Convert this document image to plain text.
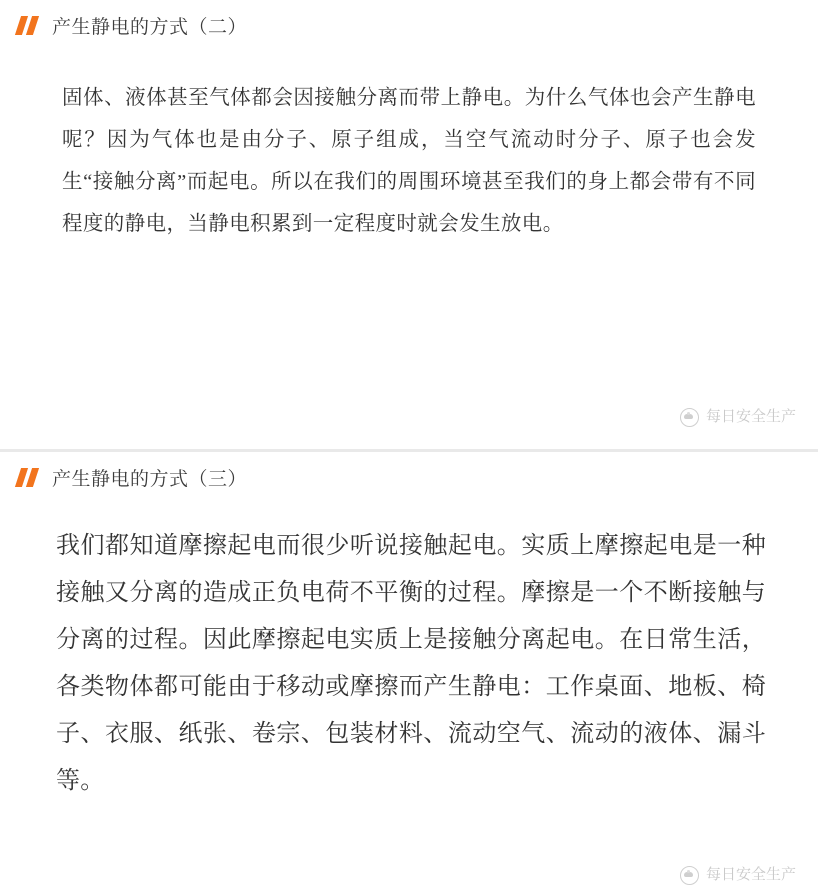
产生静电的方式（二）

固体、液体甚至气体都会因接触分离而带上静电。为什么气体也会产生静电呢？因为气体也是由分子、原子组成，当空气流动时分子、原子也会发生“接触分离”而起电。所以在我们的周围环境甚至我们的身上都会带有不同程度的静电，当静电积累到一定程度时就会发生放电。

每日安全生产
产生静电的方式（三）

我们都知道摩擦起电而很少听说接触起电。实质上摩擦起电是一种接触又分离的造成正负电荷不平衡的过程。摩擦是一个不断接触与分离的过程。因此摩擦起电实质上是接触分离起电。在日常生活，各类物体都可能由于移动或摩擦而产生静电：工作桌面、地板、椅子、衣服、纸张、卷宗、包装材料、流动空气、流动的液体、漏斗等。

每日安全生产
